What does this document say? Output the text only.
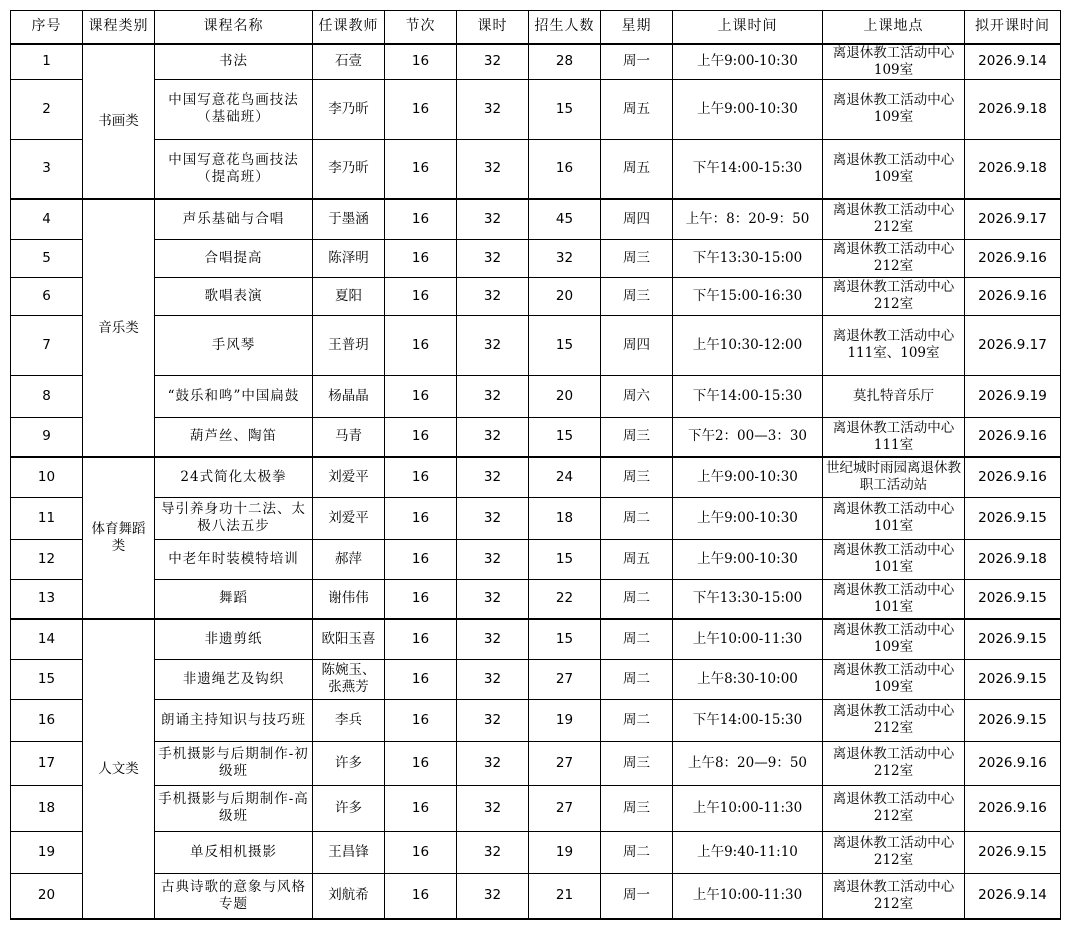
序号	课程类别	课程名称	任课教师	节次	课时	招生人数	星期	上课时间	上课地点	拟开课时间
1	书画类	书法	石壹	16	32	28	周一	上午9:00-10:30	离退休教工活动中心109室	2026.9.14
2		中国写意花鸟画技法（基础班）	李乃昕	16	32	15	周五	上午9:00-10:30	离退休教工活动中心109室	2026.9.18
3		中国写意花鸟画技法（提高班）	李乃昕	16	32	16	周五	下午14:00-15:30	离退休教工活动中心109室	2026.9.18
4	音乐类	声乐基础与合唱	于墨涵	16	32	45	周四	上午：8：20-9：50	离退休教工活动中心212室	2026.9.17
5		合唱提高	陈泽明	16	32	32	周三	下午13:30-15:00	离退休教工活动中心212室	2026.9.16
6		歌唱表演	夏阳	16	32	20	周三	下午15:00-16:30	离退休教工活动中心212室	2026.9.16
7		手风琴	王普玥	16	32	15	周四	上午10:30-12:00	离退休教工活动中心111室、109室	2026.9.17
8		“鼓乐和鸣”中国扁鼓	杨晶晶	16	32	20	周六	下午14:00-15:30	莫扎特音乐厅	2026.9.19
9		葫芦丝、陶笛	马青	16	32	15	周三	下午2：00—3：30	离退休教工活动中心111室	2026.9.16
10	体育舞蹈类	24式简化太极拳	刘爱平	16	32	24	周三	上午9:00-10:30	世纪城时雨园离退休教职工活动站	2026.9.16
11		导引养身功十二法、太极八法五步	刘爱平	16	32	18	周二	上午9:00-10:30	离退休教工活动中心101室	2026.9.15
12		中老年时装模特培训	郝萍	16	32	15	周五	上午9:00-10:30	离退休教工活动中心101室	2026.9.18
13		舞蹈	谢伟伟	16	32	22	周二	下午13:30-15:00	离退休教工活动中心101室	2026.9.15
14	人文类	非遗剪纸	欧阳玉喜	16	32	15	周二	上午10:00-11:30	离退休教工活动中心109室	2026.9.15
15		非遗绳艺及钩织	陈婉玉、张燕芳	16	32	27	周二	上午8:30-10:00	离退休教工活动中心109室	2026.9.15
16		朗诵主持知识与技巧班	李兵	16	32	19	周二	下午14:00-15:30	离退休教工活动中心212室	2026.9.15
17		手机摄影与后期制作-初级班	许多	16	32	27	周三	上午8：20—9：50	离退休教工活动中心212室	2026.9.16
18		手机摄影与后期制作-高级班	许多	16	32	27	周三	上午10:00-11:30	离退休教工活动中心212室	2026.9.16
19		单反相机摄影	王昌锋	16	32	19	周二	上午9:40-11:10	离退休教工活动中心212室	2026.9.15
20		古典诗歌的意象与风格专题	刘航希	16	32	21	周一	上午10:00-11:30	离退休教工活动中心212室	2026.9.14
